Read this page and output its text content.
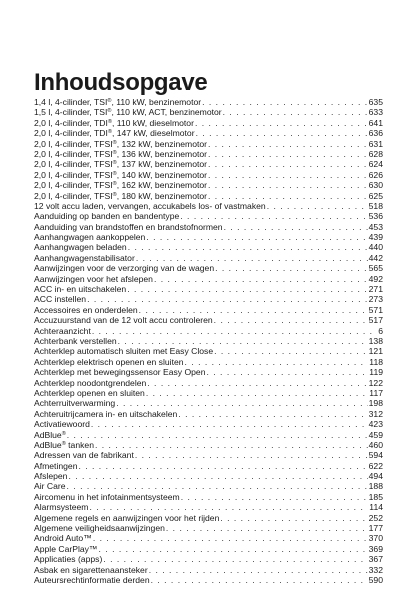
Inhoudsopgave
1,4 l, 4-cilinder, TSI®, 110 kW, benzinemotor . . .	635
1,5 l, 4-cilinder, TSI®, 110 kW, ACT, benzinemotor . . .	633
2,0 l, 4-cilinder, TDI®, 110 kW, dieselmotor . . .	641
2,0 l, 4-cilinder, TDI®, 147 kW, dieselmotor . . .	636
2,0 l, 4-cilinder, TFSI®, 132 kW, benzinemotor . . .	631
2,0 l, 4-cilinder, TFSI®, 136 kW, benzinemotor . . .	628
2,0 l, 4-cilinder, TFSI®, 137 kW, benzinemotor . . .	624
2,0 l, 4-cilinder, TFSI®, 140 kW, benzinemotor . . .	626
2,0 l, 4-cilinder, TFSI®, 162 kW, benzinemotor . . .	630
2,0 l, 4-cilinder, TFSI®, 180 kW, benzinemotor . . .	625
12 volt accu laden, vervangen, accukabels los- of vastmaken . . .	518
Aanduiding op banden en bandentype . . .	536
Aanduiding van brandstoffen en brandstofnormen . . .	453
Aanhangwagen aankoppelen . . .	439
Aanhangwagen beladen . . .	440
Aanhangwagenstabilisator . . .	442
Aanwijzingen voor de verzorging van de wagen . . .	565
Aanwijzingen voor het afslepen . . .	492
ACC in- en uitschakelen . . .	271
ACC instellen . . .	273
Accessoires en onderdelen . . .	571
Accuzuurstand van de 12 volt accu controleren . . .	517
Achteraanzicht . . .	6
Achterbank verstellen . . .	138
Achterklep automatisch sluiten met Easy Close . . .	121
Achterklep elektrisch openen en sluiten . . .	118
Achterklep met bewegingssensor Easy Open . . .	119
Achterklep noodontgrendelen . . .	122
Achterklep openen en sluiten . . .	117
Achterruitverwarming . . .	198
Achteruitrijcamera in- en uitschakelen . . .	312
Activatiewoord . . .	423
AdBlue® . . .	459
AdBlue® tanken . . .	460
Adressen van de fabrikant . . .	594
Afmetingen . . .	622
Afslepen . . .	494
Air Care . . .	188
Aircomenu in het infotainmentsysteem . . .	185
Alarmsysteem . . .	114
Algemene regels en aanwijzingen voor het rijden . . .	252
Algemene veiligheidsaanwijzingen . . .	177
Android Auto™ . . .	370
Apple CarPlay™ . . .	369
Applicaties (apps) . . .	367
Asbak en sigarettenaansteker . . .	332
Auteursrechtinformatie derden . . .	590
